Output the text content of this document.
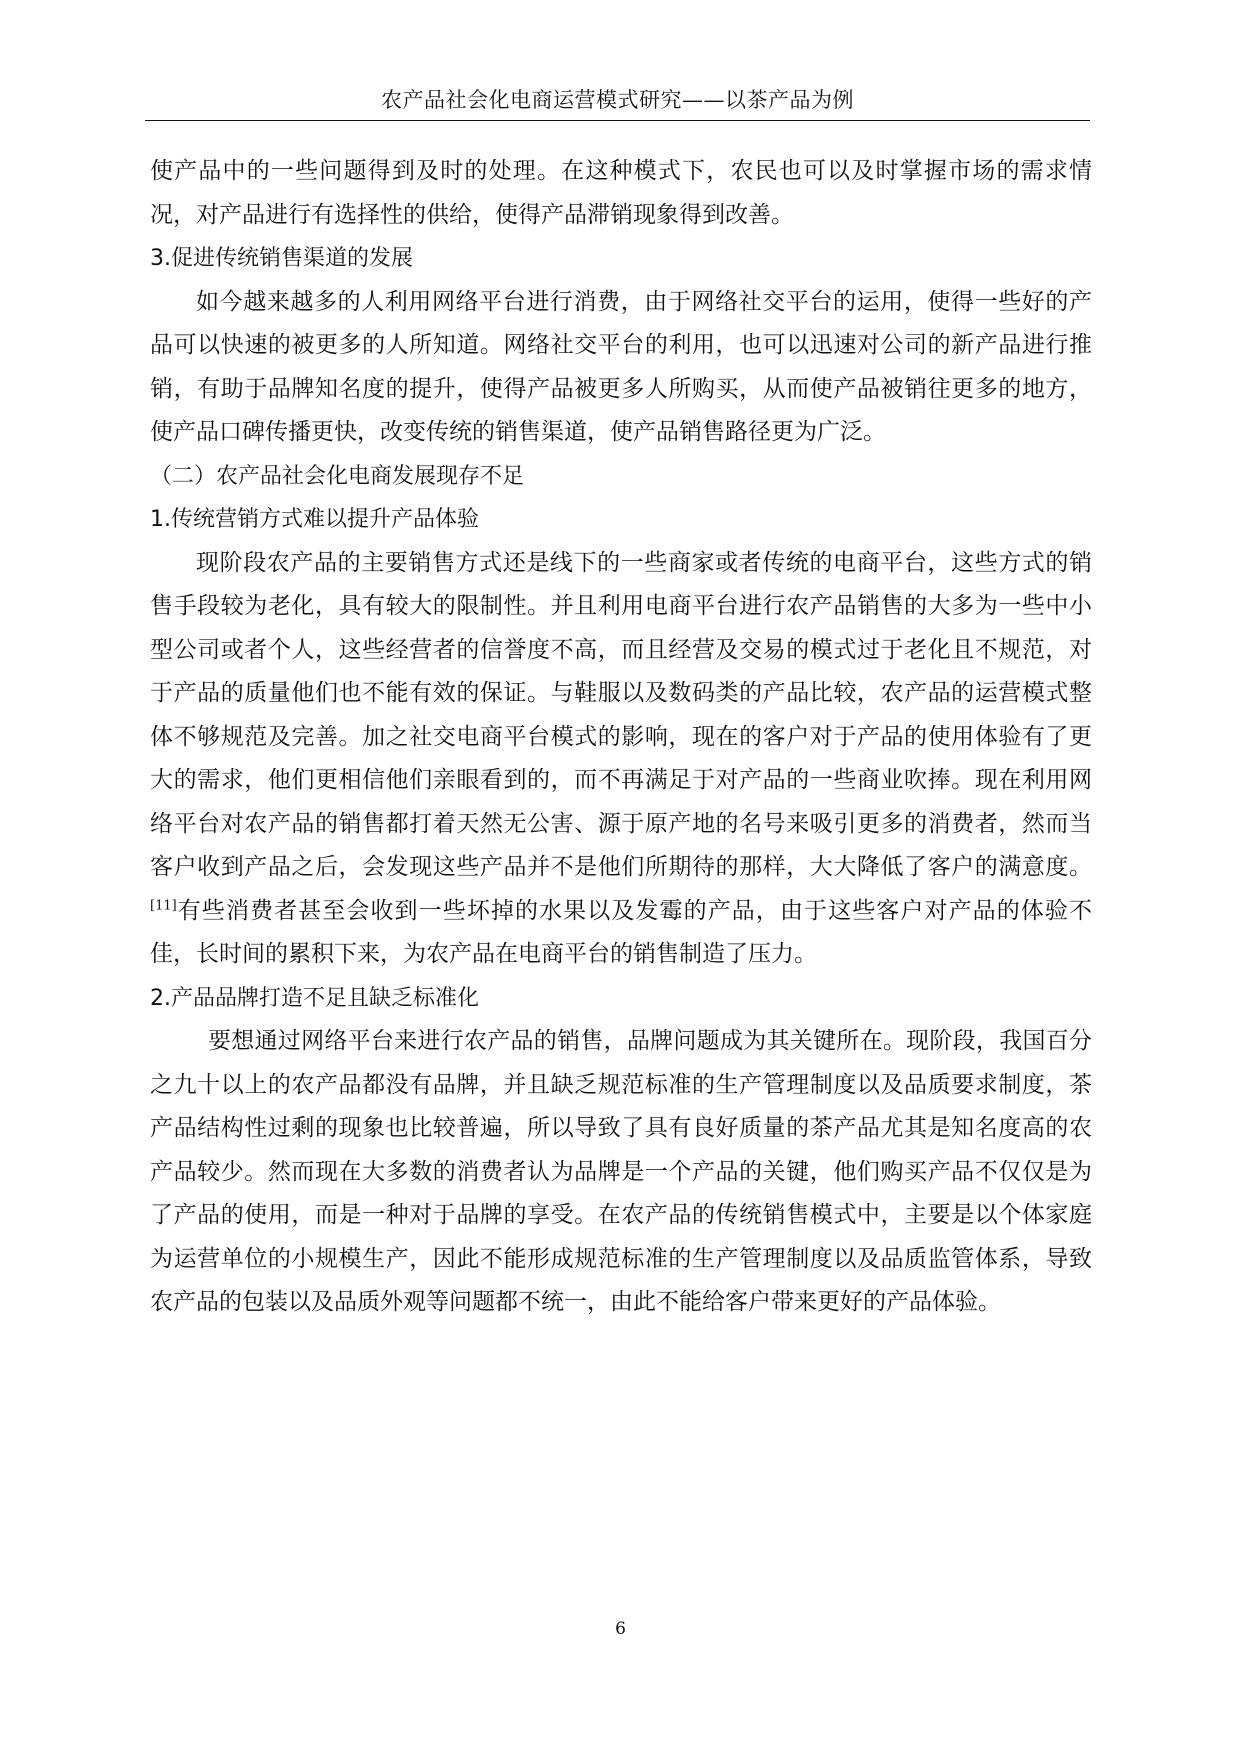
农产品社会化电商运营模式研究——以茶产品为例

使产品中的一些问题得到及时的处理。在这种模式下，农民也可以及时掌握市场的需求情况，对产品进行有选择性的供给，使得产品滞销现象得到改善。

3.促进传统销售渠道的发展

如今越来越多的人利用网络平台进行消费，由于网络社交平台的运用，使得一些好的产品可以快速的被更多的人所知道。网络社交平台的利用，也可以迅速对公司的新产品进行推销，有助于品牌知名度的提升，使得产品被更多人所购买，从而使产品被销往更多的地方，使产品口碑传播更快，改变传统的销售渠道，使产品销售路径更为广泛。

（二）农产品社会化电商发展现存不足
1.传统营销方式难以提升产品体验

现阶段农产品的主要销售方式还是线下的一些商家或者传统的电商平台，这些方式的销售手段较为老化，具有较大的限制性。并且利用电商平台进行农产品销售的大多为一些中小型公司或者个人，这些经营者的信誉度不高，而且经营及交易的模式过于老化且不规范，对于产品的质量他们也不能有效的保证。与鞋服以及数码类的产品比较，农产品的运营模式整体不够规范及完善。加之社交电商平台模式的影响，现在的客户对于产品的使用体验有了更大的需求，他们更相信他们亲眼看到的，而不再满足于对产品的一些商业吹捧。现在利用网络平台对农产品的销售都打着天然无公害、源于原产地的名号来吸引更多的消费者，然而当客户收到产品之后，会发现这些产品并不是他们所期待的那样，大大降低了客户的满意度。[11]有些消费者甚至会收到一些坏掉的水果以及发霉的产品，由于这些客户对产品的体验不佳，长时间的累积下来，为农产品在电商平台的销售制造了压力。

2.产品品牌打造不足且缺乏标准化

要想通过网络平台来进行农产品的销售，品牌问题成为其关键所在。现阶段，我国百分之九十以上的农产品都没有品牌，并且缺乏规范标准的生产管理制度以及品质要求制度，茶产品结构性过剩的现象也比较普遍，所以导致了具有良好质量的茶产品尤其是知名度高的农产品较少。然而现在大多数的消费者认为品牌是一个产品的关键，他们购买产品不仅仅是为了产品的使用，而是一种对于品牌的享受。在农产品的传统销售模式中，主要是以个体家庭为运营单位的小规模生产，因此不能形成规范标准的生产管理制度以及品质监管体系，导致农产品的包装以及品质外观等问题都不统一，由此不能给客户带来更好的产品体验。

6
